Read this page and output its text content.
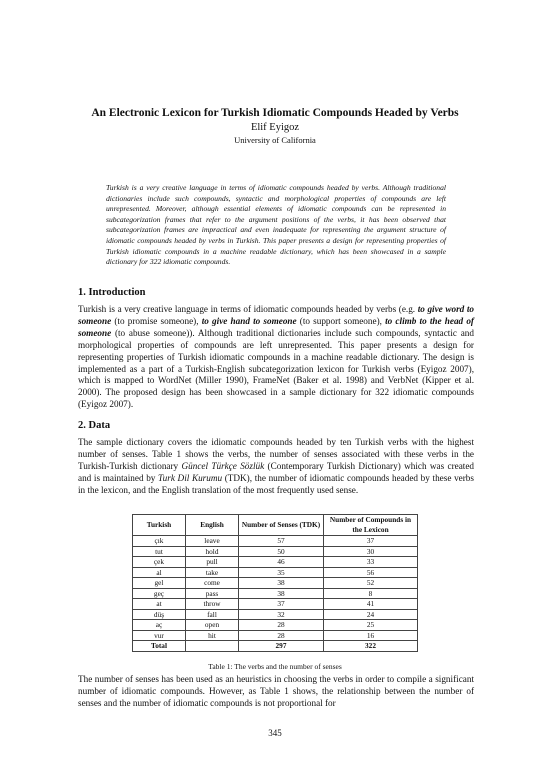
An Electronic Lexicon for Turkish Idiomatic Compounds Headed by Verbs
Elif Eyigoz
University of California
Turkish is a very creative language in terms of idiomatic compounds headed by verbs. Although traditional dictionaries include such compounds, syntactic and morphological properties of compounds are left unrepresented. Moreover, although essential elements of idiomatic compounds can be represented in subcategorization frames that refer to the argument positions of the verbs, it has been observed that subcategorization frames are impractical and even inadequate for representing the argument structure of idiomatic compounds headed by verbs in Turkish. This paper presents a design for representing properties of Turkish idiomatic compounds in a machine readable dictionary, which has been showcased in a sample dictionary for 322 idiomatic compounds.
1. Introduction

Turkish is a very creative language in terms of idiomatic compounds headed by verbs (e.g. to give word to someone (to promise someone), to give hand to someone (to support someone), to climb to the head of someone (to abuse someone)). Although traditional dictionaries include such compounds, syntactic and morphological properties of compounds are left unrepresented. This paper presents a design for representing properties of Turkish idiomatic compounds in a machine readable dictionary. The design is implemented as a part of a Turkish-English subcategorization lexicon for Turkish verbs (Eyigoz 2007), which is mapped to WordNet (Miller 1990), FrameNet (Baker et al. 1998) and VerbNet (Kipper et al. 2000). The proposed design has been showcased in a sample dictionary for 322 idiomatic compounds (Eyigoz 2007).

2. Data

The sample dictionary covers the idiomatic compounds headed by ten Turkish verbs with the highest number of senses. Table 1 shows the verbs, the number of senses associated with these verbs in the Turkish-Turkish dictionary Güncel Türkçe Sözlük (Contemporary Turkish Dictionary) which was created and is maintained by Turk Dil Kurumu (TDK), the number of idiomatic compounds headed by these verbs in the lexicon, and the English translation of the most frequently used sense.

Turkish	English	Number of Senses (TDK)	Number of Compounds in the Lexicon
çık	leave	57	37
tut	hold	50	30
çek	pull	46	33
al	take	35	56
gel	come	38	52
geç	pass	38	8
at	throw	37	41
düş	fall	32	24
aç	open	28	25
vur	hit	28	16
Total		297	322
Table 1: The verbs and the number of senses

The number of senses has been used as an heuristics in choosing the verbs in order to compile a significant number of idiomatic compounds. However, as Table 1 shows, the relationship between the number of senses and the number of idiomatic compounds is not proportional for

345
